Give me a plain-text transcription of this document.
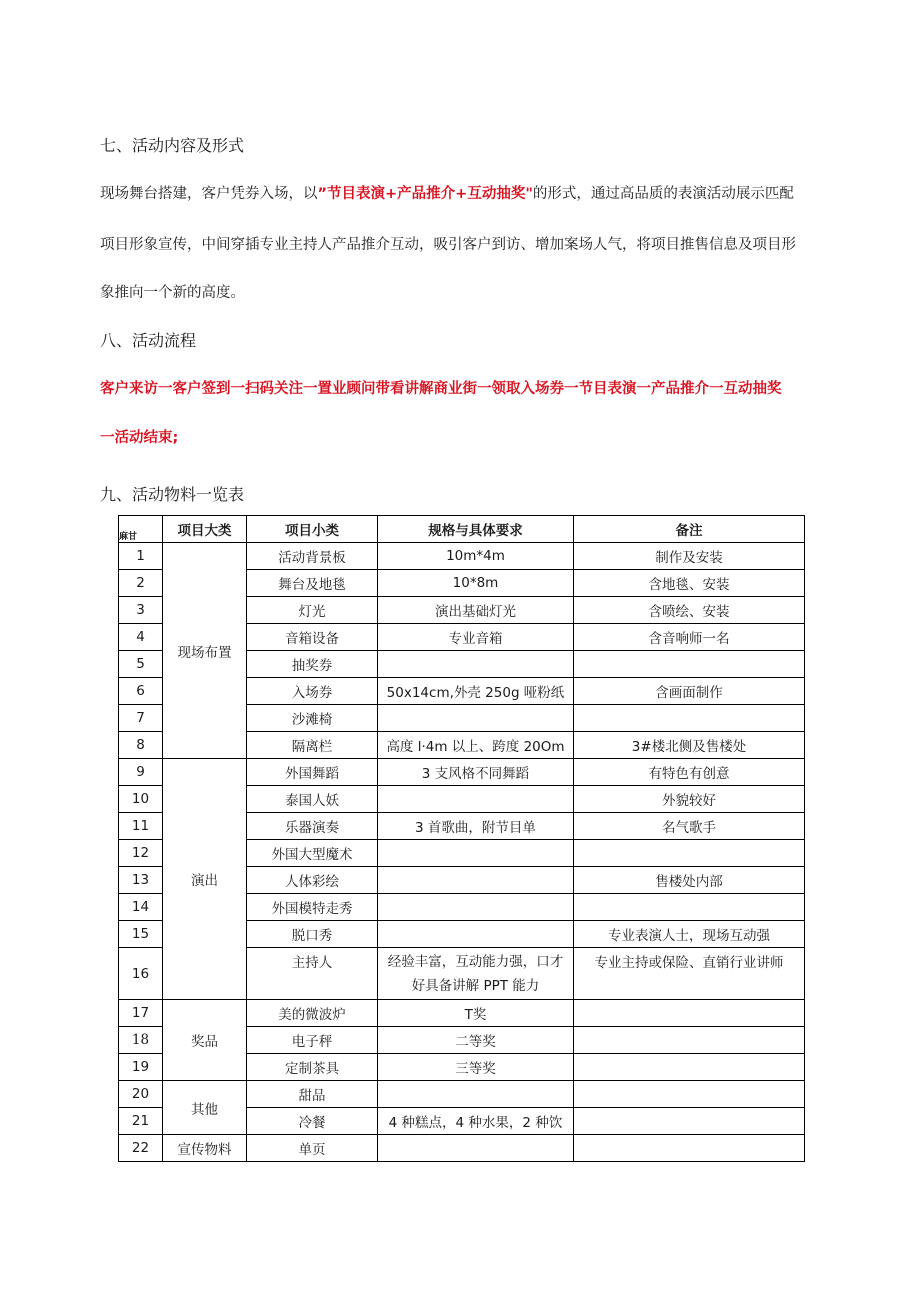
七、活动内容及形式

现场舞台搭建，客户凭券入场，以”节目表演+产品推介+互动抽奖"的形式，通过高品质的表演活动展示匹配

项目形象宣传，中间穿插专业主持人产品推介互动，吸引客户到访、增加案场人气，将项目推售信息及项目形

象推向一个新的高度。

八、活动流程

客户来访一客户签到一扫码关注一置业顾问带看讲解商业街一领取入场券一节目表演一产品推介一互动抽奖

一活动结束;

九、活动物料一览表
麻甘	项目大类	项目小类	规格与具体要求	备注
1	现场布置	活动背景板	10m*4m	制作及安装
2		舞台及地毯	10*8m	含地毯、安装
3		灯光	演出基础灯光	含喷绘、安装
4		音箱设备	专业音箱	含音响师一名
5		抽奖券		
6		入场券	50x14cm,外壳 250g 哑粉纸	含画面制作
7		沙滩椅		
8		隔离栏	高度 l·4m 以上、跨度 20Om	3#楼北侧及售楼处
9	演出	外国舞蹈	3 支风格不同舞蹈	有特色有创意
10		泰国人妖		外貌较好
11		乐器演奏	3 首歌曲，附节目单	名气歌手
12		外国大型魔术		
13		人体彩绘		售楼处内部
14		外国模特走秀		
15		脱口秀		专业表演人士，现场互动强
16		主持人	经验丰富，互动能力强，口才好具备讲解 PPT 能力	专业主持或保险、直销行业讲师
17	奖品	美的微波炉	T奖	
18		电子秤	二等奖	
19		定制茶具	三等奖	
20	其他	甜品		
21		冷餐	4 种糕点，4 种水果，2 种饮	
22	宣传物料	单页		
